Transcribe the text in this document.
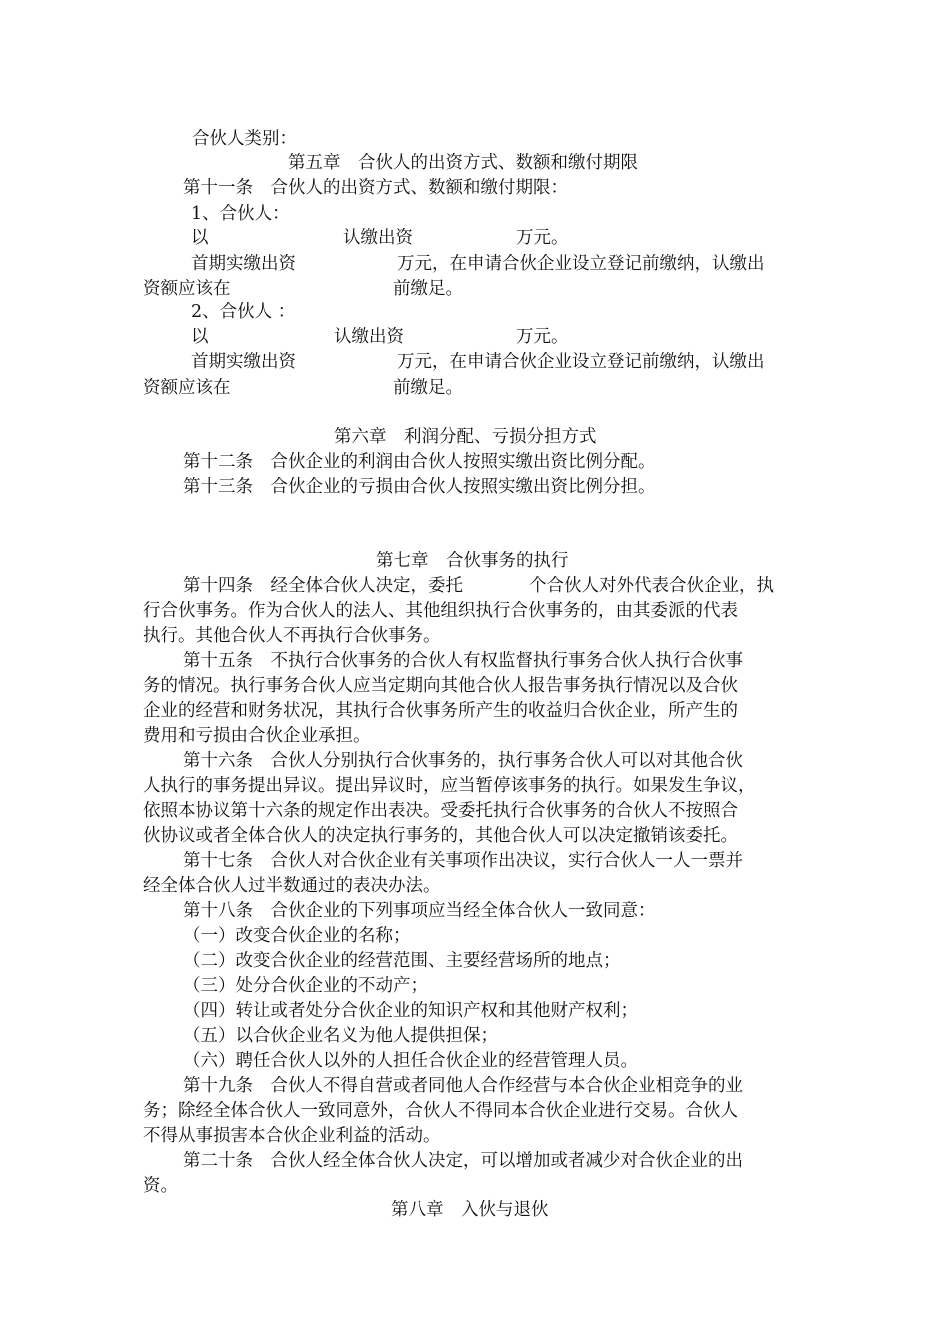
合伙人类别：
第五章　合伙人的出资方式、数额和缴付期限
第十一条　合伙人的出资方式、数额和缴付期限：
1、合伙人：
以	认缴出资	万元。
首期实缴出资	万元，在申请合伙企业设立登记前缴纳，认缴出
资额应该在	前缴足。
2、合伙人 ：
以	认缴出资	万元。
首期实缴出资	万元，在申请合伙企业设立登记前缴纳，认缴出
资额应该在	前缴足。
第六章　利润分配、亏损分担方式
第十二条　合伙企业的利润由合伙人按照实缴出资比例分配。
第十三条　合伙企业的亏损由合伙人按照实缴出资比例分担。
第七章　合伙事务的执行
第十四条　经全体合伙人决定，委托	个合伙人对外代表合伙企业，执
行合伙事务。作为合伙人的法人、其他组织执行合伙事务的，由其委派的代表
执行。其他合伙人不再执行合伙事务。
第十五条　不执行合伙事务的合伙人有权监督执行事务合伙人执行合伙事
务的情况。执行事务合伙人应当定期向其他合伙人报告事务执行情况以及合伙
企业的经营和财务状况，其执行合伙事务所产生的收益归合伙企业，所产生的
费用和亏损由合伙企业承担。
第十六条　合伙人分别执行合伙事务的，执行事务合伙人可以对其他合伙
人执行的事务提出异议。提出异议时，应当暂停该事务的执行。如果发生争议，
依照本协议第十六条的规定作出表决。受委托执行合伙事务的合伙人不按照合
伙协议或者全体合伙人的决定执行事务的，其他合伙人可以决定撤销该委托。
第十七条　合伙人对合伙企业有关事项作出决议，实行合伙人一人一票并
经全体合伙人过半数通过的表决办法。
第十八条　合伙企业的下列事项应当经全体合伙人一致同意：
（一）改变合伙企业的名称；
（二）改变合伙企业的经营范围、主要经营场所的地点；
（三）处分合伙企业的不动产；
（四）转让或者处分合伙企业的知识产权和其他财产权利；
（五）以合伙企业名义为他人提供担保；
（六）聘任合伙人以外的人担任合伙企业的经营管理人员。
第十九条　合伙人不得自营或者同他人合作经营与本合伙企业相竞争的业
务；除经全体合伙人一致同意外，合伙人不得同本合伙企业进行交易。合伙人
不得从事损害本合伙企业利益的活动。
第二十条　合伙人经全体合伙人决定，可以增加或者减少对合伙企业的出
资。
第八章　入伙与退伙
